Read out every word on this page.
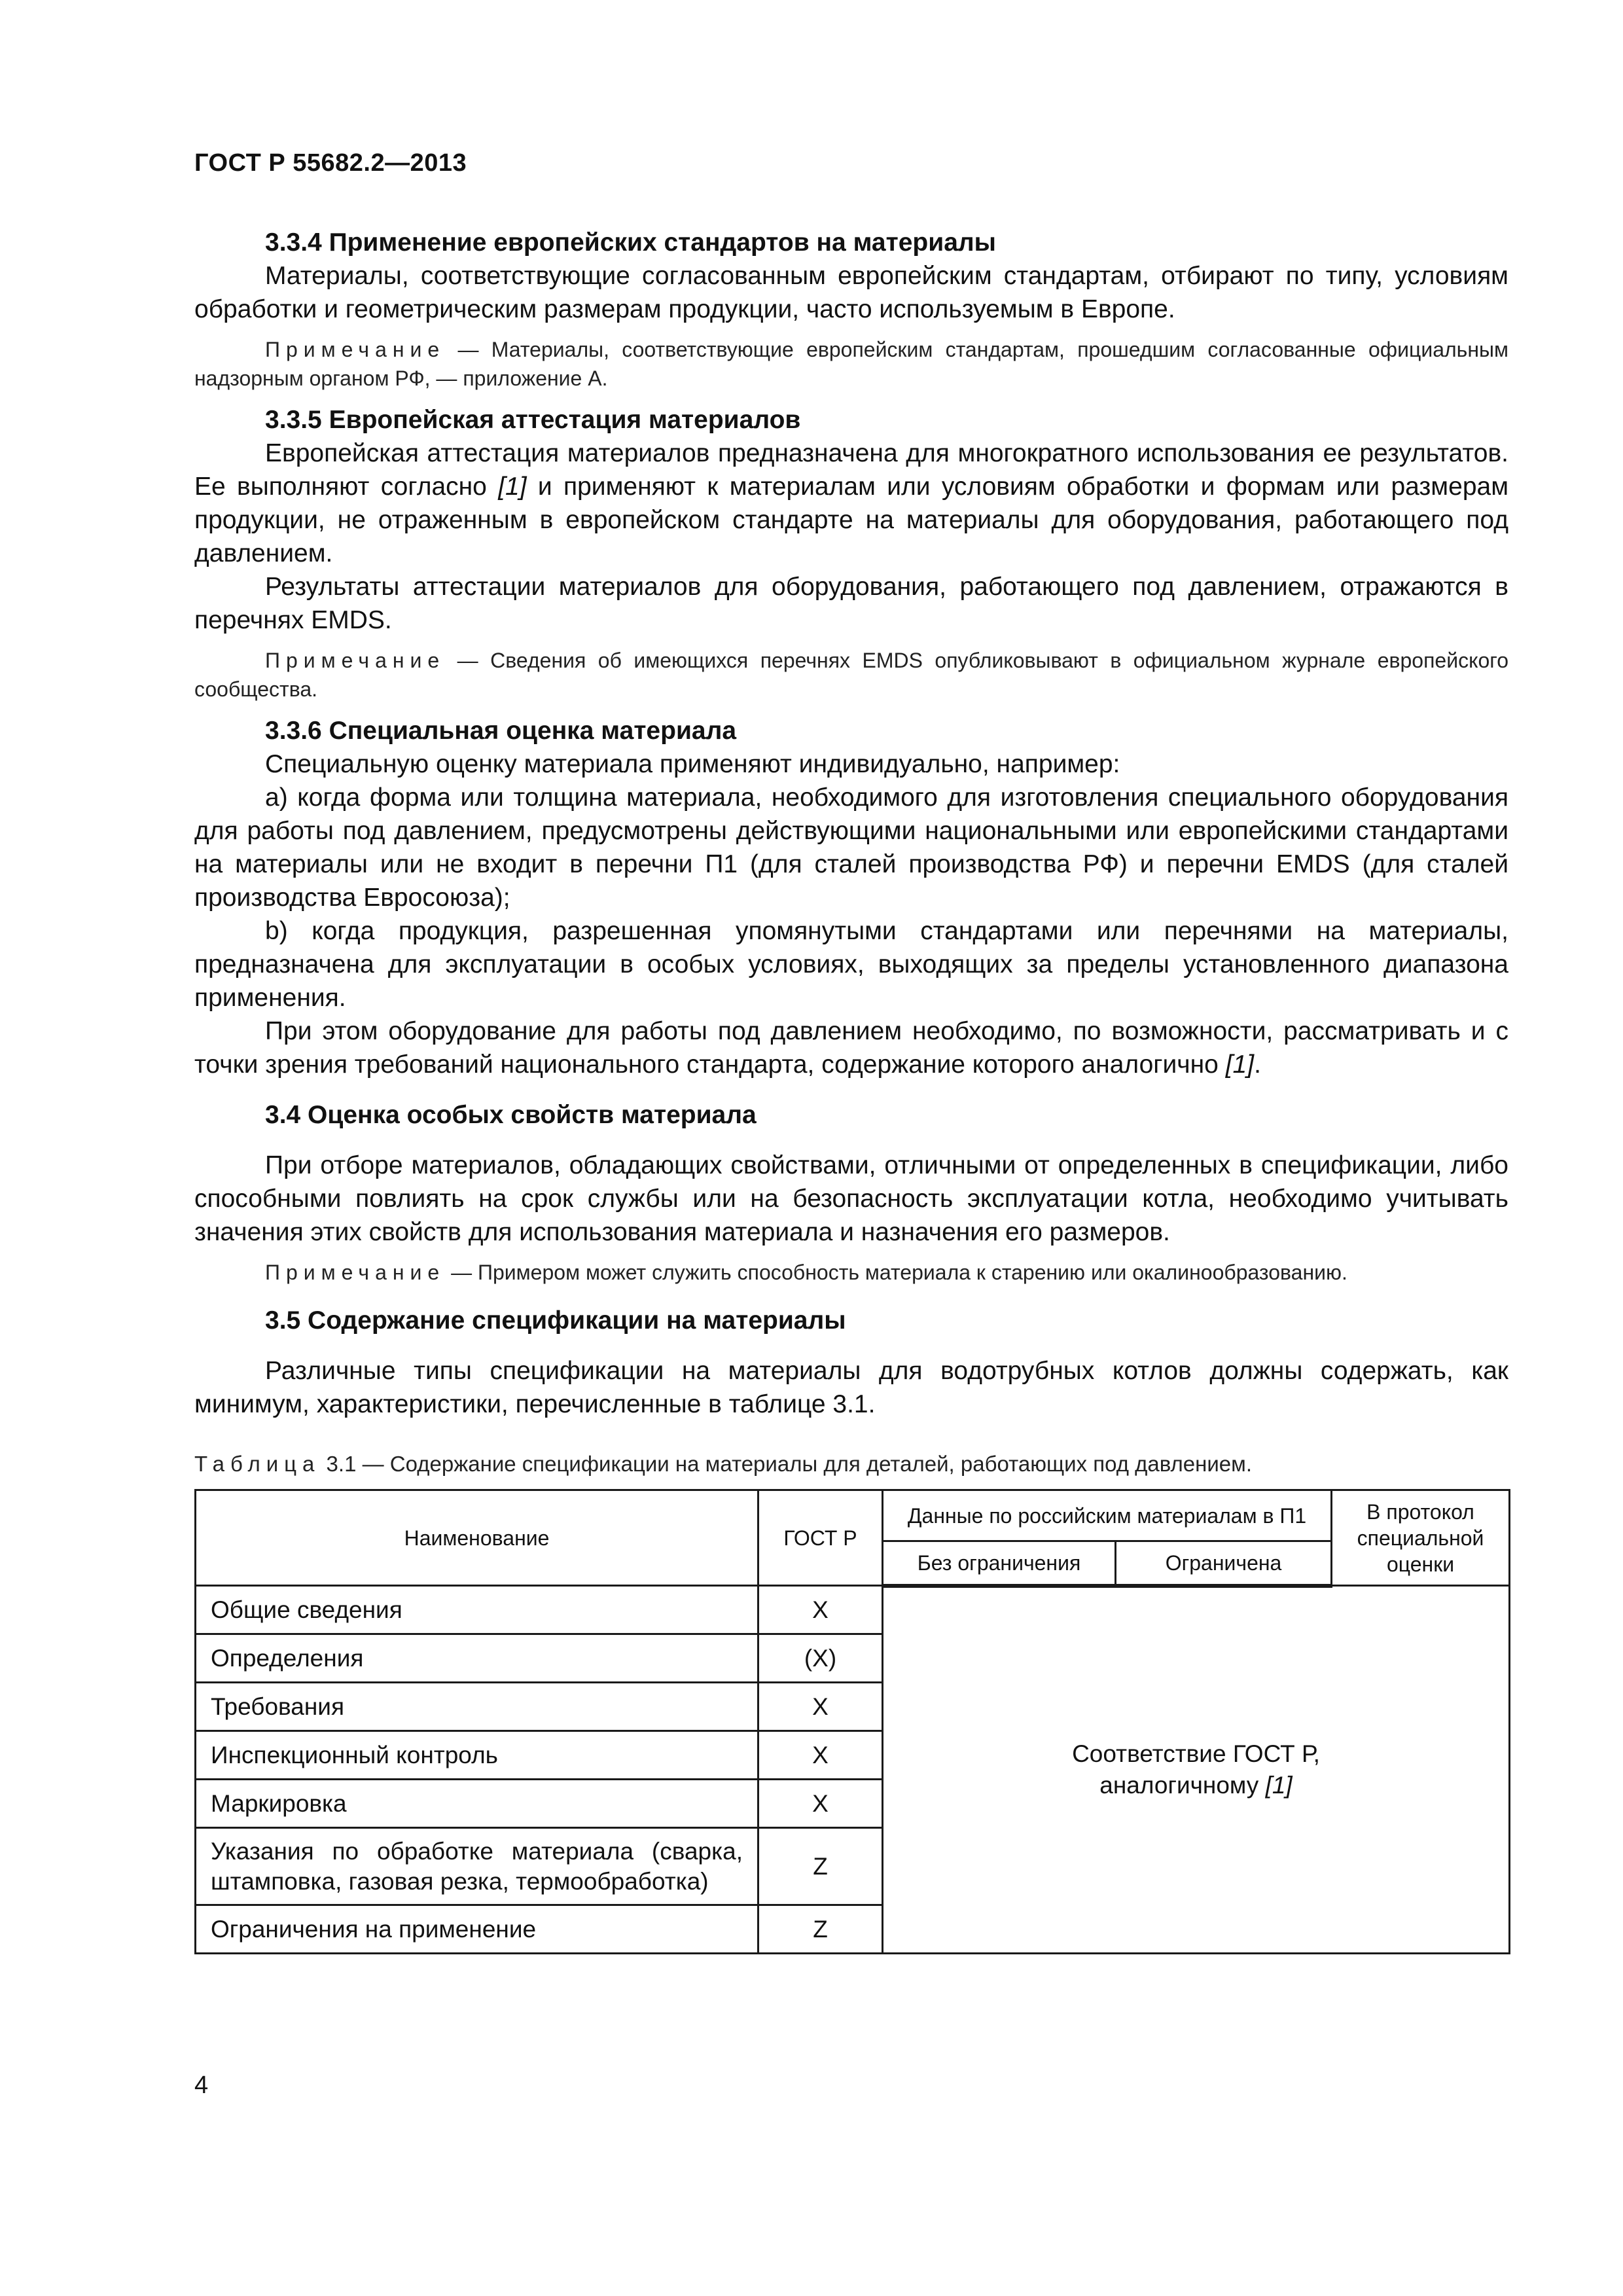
ГОСТ Р 55682.2—2013

3.3.4 Применение европейских стандартов на материалы

Материалы, соответствующие согласованным европейским стандартам, отбирают по типу, условиям обработки и геометрическим размерам продукции, часто используемым в Европе.

Примечание — Материалы, соответствующие европейским стандартам, прошедшим согласованные официальным надзорным органом РФ, — приложение А.

3.3.5 Европейская аттестация материалов

Европейская аттестация материалов предназначена для многократного использования ее результатов. Ее выполняют согласно [1] и применяют к материалам или условиям обработки и формам или размерам продукции, не отраженным в европейском стандарте на материалы для оборудования, работающего под давлением.

Результаты аттестации материалов для оборудования, работающего под давлением, отражаются в перечнях EMDS.

Примечание — Сведения об имеющихся перечнях EMDS опубликовывают в официальном журнале европейского сообщества.

3.3.6 Специальная оценка материала

Специальную оценку материала применяют индивидуально, например:

a) когда форма или толщина материала, необходимого для изготовления специального оборудования для работы под давлением, предусмотрены действующими национальными или европейскими стандартами на материалы или не входит в перечни П1 (для сталей производства РФ) и перечни EMDS (для сталей производства Евросоюза);

b) когда продукция, разрешенная упомянутыми стандартами или перечнями на материалы, предназначена для эксплуатации в особых условиях, выходящих за пределы установленного диапазона применения.

При этом оборудование для работы под давлением необходимо, по возможности, рассматривать и с точки зрения требований национального стандарта, содержание которого аналогично [1].

3.4 Оценка особых свойств материала

При отборе материалов, обладающих свойствами, отличными от определенных в спецификации, либо способными повлиять на срок службы или на безопасность эксплуатации котла, необходимо учитывать значения этих свойств для использования материала и назначения его размеров.

Примечание — Примером может служить способность материала к старению или окалинообразованию.

3.5 Содержание спецификации на материалы

Различные типы спецификации на материалы для водотрубных котлов должны содержать, как минимум, характеристики, перечисленные в таблице 3.1.

Таблица 3.1 — Содержание спецификации на материалы для деталей, работающих под давлением.
Наименование	ГОСТ Р	Данные по российским материалам в П1		В протокол специальной оценки
		Без ограничения	Ограничена	
Общие сведения	X	Соответствие ГОСТ Р,
аналогичному [1]		
Определения	(X)			
Требования	X			
Инспекционный контроль	X			
Маркировка	X			
Указания по обработке материала (сварка, штамповка, газовая резка, термообработка)	Z			
Ограничения на применение	Z			
4
